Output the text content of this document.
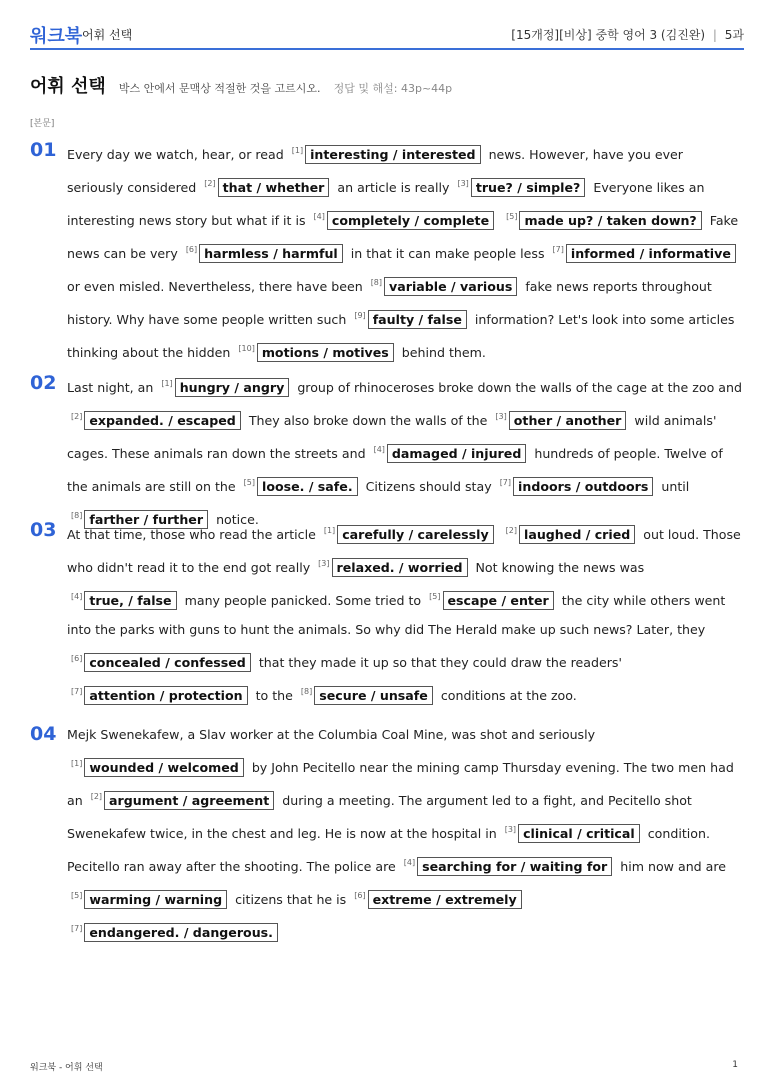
워크북 어휘 선택	[15개정][비상] 중학 영어 3 (김진완) | 5과
어휘 선택 박스 안에서 문맥상 적절한 것을 고르시오. 정답 및 해설: 43p~44p
[본문]
01 Every day we watch, hear, or read [1] interesting / interested news. However, have you ever seriously considered [2] that / whether an article is really [3] true? / simple? Everyone likes an interesting news story but what if it is [4] completely / complete [5] made up? / taken down? Fake news can be very [6] harmless / harmful in that it can make people less [7] informed / informative or even misled. Nevertheless, there have been [8] variable / various fake news reports throughout history. Why have some people written such [9] faulty / false information? Let's look into some articles thinking about the hidden [10] motions / motives behind them.
02 Last night, an [1] hungry / angry group of rhinoceroses broke down the walls of the cage at the zoo and [2] expanded. / escaped They also broke down the walls of the [3] other / another wild animals' cages. These animals ran down the streets and [4] damaged / injured hundreds of people. Twelve of the animals are still on the [5] loose. / safe. Citizens should stay [7] indoors / outdoors until [8] farther / further notice.
03 At that time, those who read the article [1] carefully / carelessly [2] laughed / cried out loud. Those who didn't read it to the end got really [3] relaxed. / worried Not knowing the news was [4] true, / false many people panicked. Some tried to [5] escape / enter the city while others went into the parks with guns to hunt the animals. So why did The Herald make up such news? Later, they [6] concealed / confessed that they made it up so that they could draw the readers' [7] attention / protection to the [8] secure / unsafe conditions at the zoo.
04 Mejk Swenekafew, a Slav worker at the Columbia Coal Mine, was shot and seriously [1] wounded / welcomed by John Pecitello near the mining camp Thursday evening. The two men had an [2] argument / agreement during a meeting. The argument led to a fight, and Pecitello shot Swenekafew twice, in the chest and leg. He is now at the hospital in [3] clinical / critical condition. Pecitello ran away after the shooting. The police are [4] searching for / waiting for him now and are [5] warming / warning citizens that he is [6] extreme / extremely [7] endangered. / dangerous.
워크북 - 어휘 선택	1
